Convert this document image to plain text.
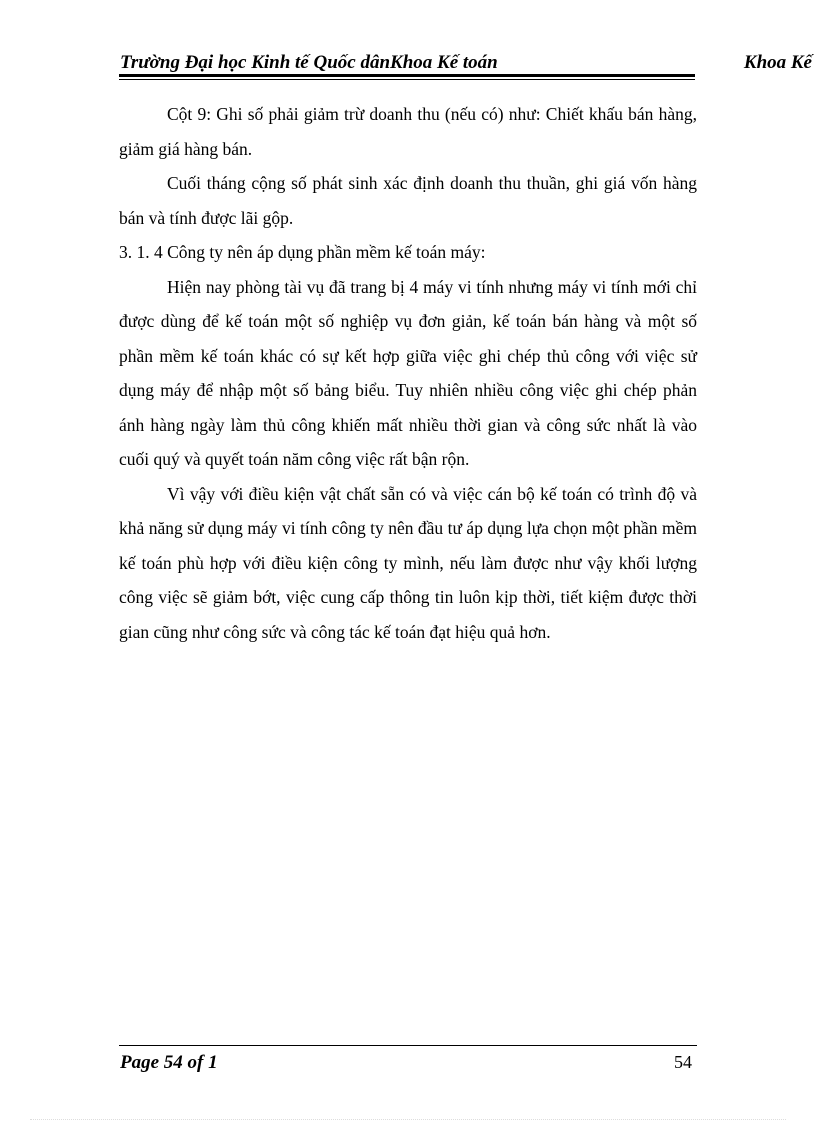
Trường Đại học Kinh tế Quốc dânKhoa Kế toán	Khoa Kế

Cột 9: Ghi số phải giảm trừ doanh thu (nếu có) như: Chiết khấu bán hàng, giảm giá hàng bán.

Cuối tháng cộng số phát sinh xác định doanh thu thuần, ghi giá vốn hàng bán và tính được lãi gộp.

3. 1. 4 Công ty nên áp dụng phần mềm kế toán máy:

Hiện nay phòng tài vụ đã trang bị 4 máy vi tính nhưng máy vi tính mới chỉ được dùng để kế toán một số nghiệp vụ đơn giản, kế toán bán hàng và một số phần mềm kế toán khác có sự kết hợp giữa việc ghi chép thủ công với việc sử dụng máy để nhập một số bảng biểu. Tuy nhiên nhiều công việc ghi chép phản ánh hàng ngày làm thủ công khiến mất nhiều thời gian và công sức nhất là vào cuối quý và quyết toán năm công việc rất bận rộn.

Vì vậy với điều kiện vật chất sẵn có và việc cán bộ kế toán có trình độ và khả năng sử dụng máy vi tính công ty nên đầu tư áp dụng lựa chọn một phần mềm kế toán phù hợp với điều kiện công ty mình, nếu làm được như vậy khối lượng công việc sẽ giảm bớt, việc cung cấp thông tin luôn kịp thời, tiết kiệm được thời gian cũng như công sức và công tác kế toán đạt hiệu quả hơn.

Page 54 of 1	54
